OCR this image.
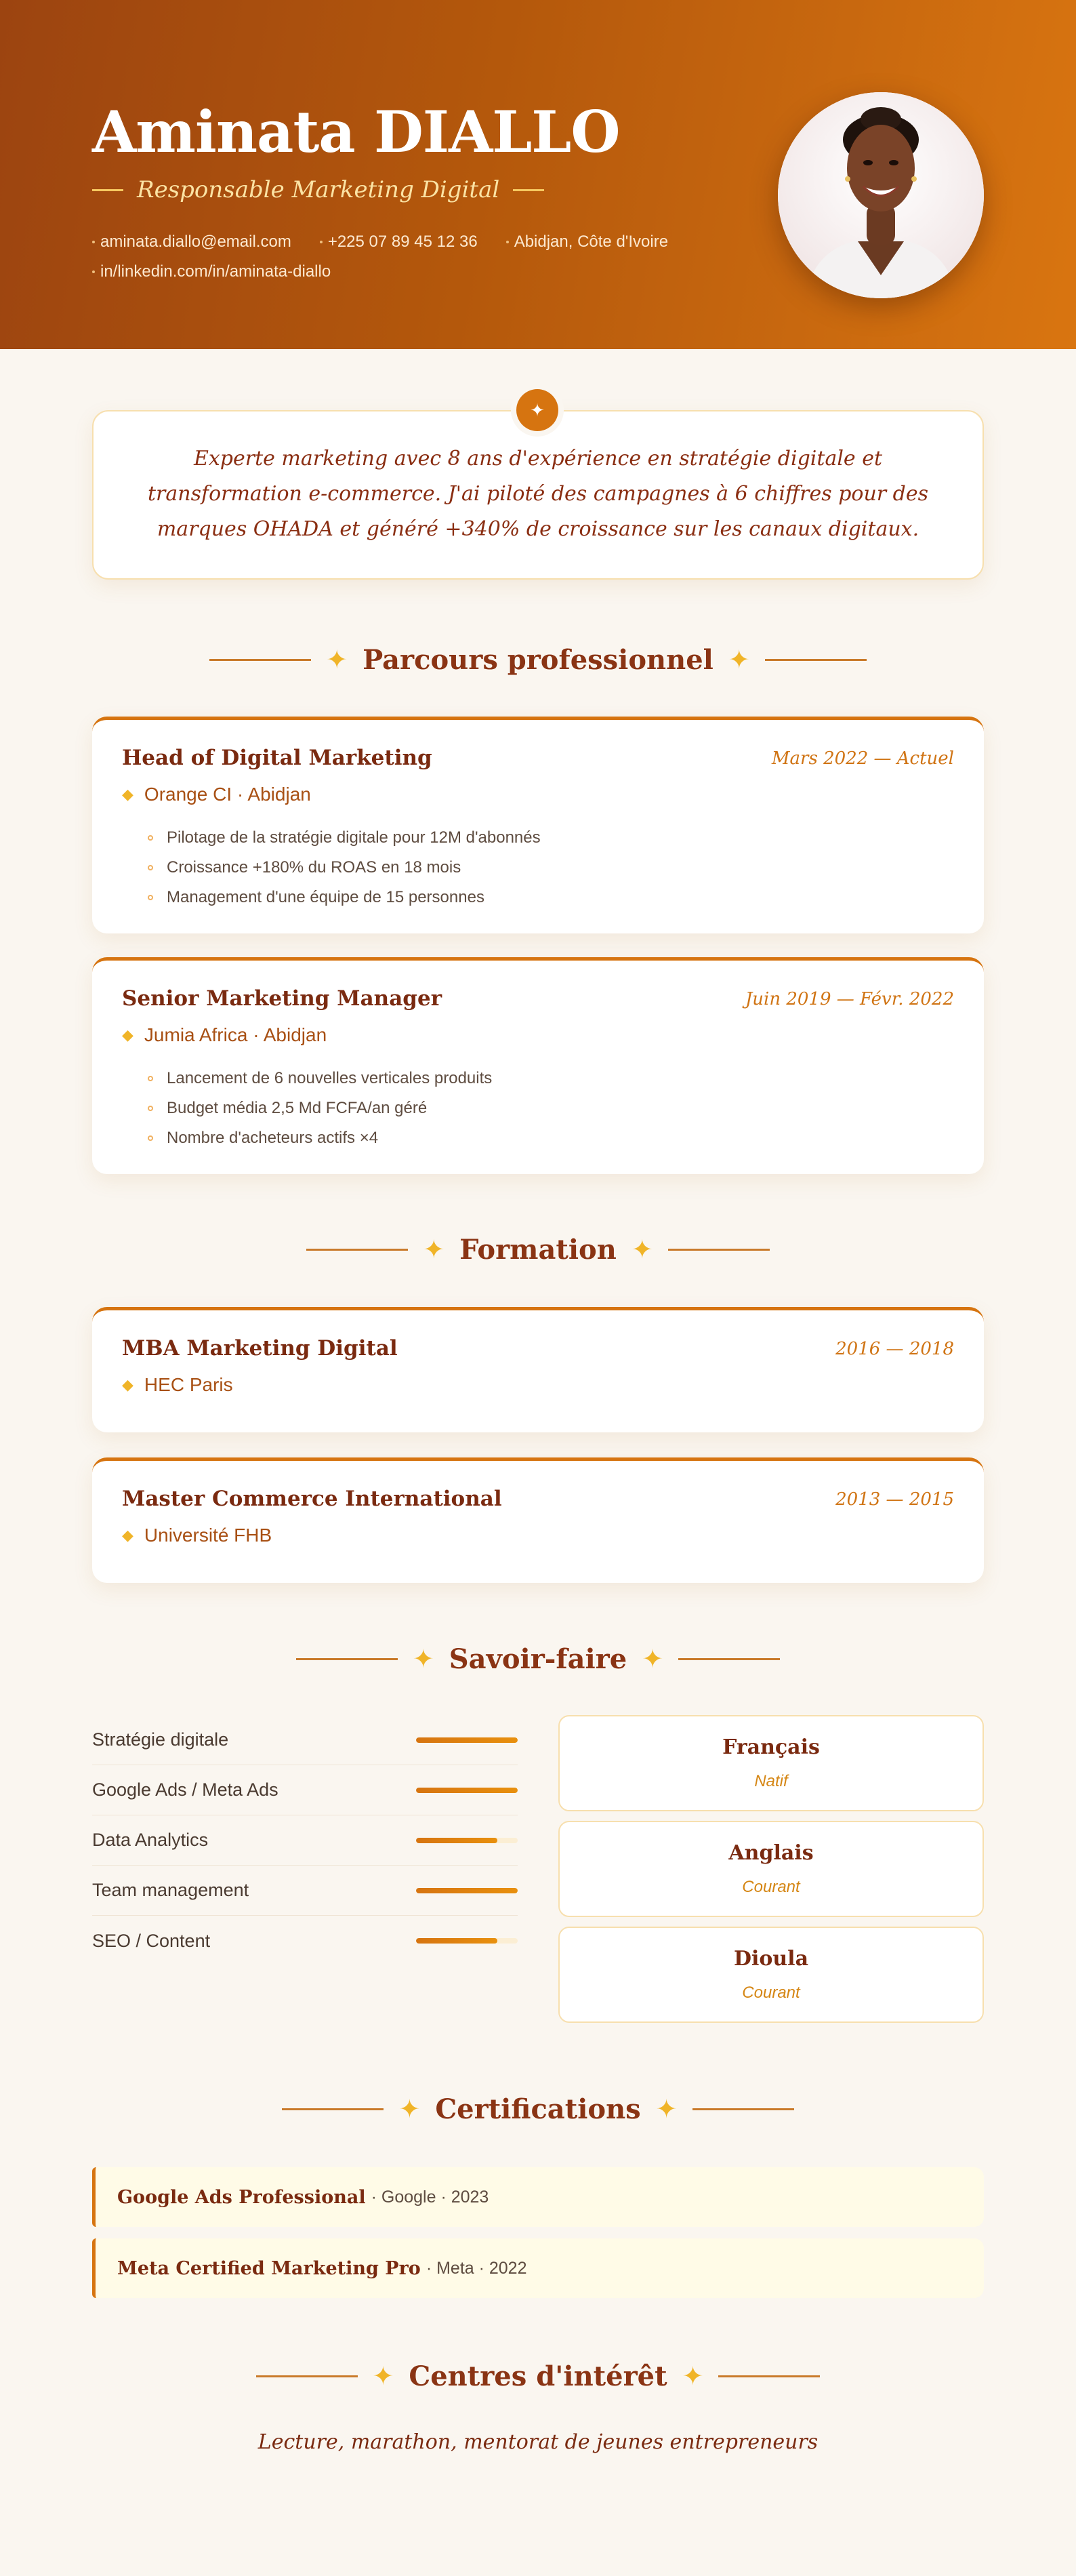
Aminata DIALLO
Responsable Marketing Digital
aminata.diallo@email.com +225 07 89 45 12 36 Abidjan, Côte d'Ivoire
in/linkedin.com/in/aminata-diallo
Experte marketing avec 8 ans d'expérience en stratégie digitale et transformation e-commerce. J'ai piloté des campagnes à 6 chiffres pour des marques OHADA et généré +340% de croissance sur les canaux digitaux.
✦
✦ Parcours professionnel ✦
Head of Digital Marketing	Mars 2022 — Actuel
◆ Orange CI · Abidjan
Pilotage de la stratégie digitale pour 12M d'abonnés
Croissance +180% du ROAS en 18 mois
Management d'une équipe de 15 personnes
Senior Marketing Manager	Juin 2019 — Févr. 2022
◆ Jumia Africa · Abidjan
Lancement de 6 nouvelles verticales produits
Budget média 2,5 Md FCFA/an géré
Nombre d'acheteurs actifs ×4
✦ Formation ✦
MBA Marketing Digital	2016 — 2018
◆ HEC Paris
Master Commerce International	2013 — 2015
◆ Université FHB
✦ Savoir-faire ✦
Stratégie digitale
Google Ads / Meta Ads
Data Analytics
Team management
SEO / Content
Français
Natif
Anglais
Courant
Dioula
Courant
✦ Certifications ✦
Google Ads Professional · Google · 2023
Meta Certified Marketing Pro · Meta · 2022
✦ Centres d'intérêt ✦
Lecture, marathon, mentorat de jeunes entrepreneurs
